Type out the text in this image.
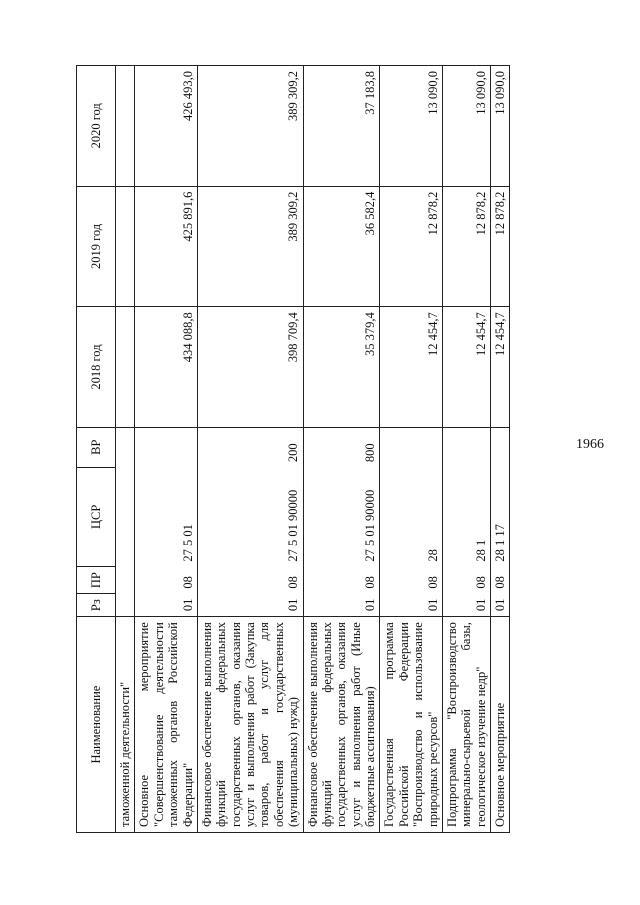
1966
Наименование	Рз	ПР	ЦСР	ВР	2018 год	2019 год	2020 год
таможенной деятельности"							
Основное мероприятие "Совершенствование деятельности таможенных органов Российской Федерации"	01	08	27 5 01		434 088,8	425 891,6	426 493,0
Финансовое обеспечение выполнения функций федеральных государственных органов, оказания услуг и выполнения работ (Закупка товаров, работ и услуг для обеспечения государственных (муниципальных) нужд)	01	08	27 5 01 90000	200	398 709,4	389 309,2	389 309,2
Финансовое обеспечение выполнения функций федеральных государственных органов, оказания услуг и выполнения работ (Иные бюджетные ассигнования)	01	08	27 5 01 90000	800	35 379,4	36 582,4	37 183,8
Государственная программа Российской Федерации "Воспроизводство и использование природных ресурсов"	01	08	28		12 454,7	12 878,2	13 090,0
Подпрограмма "Воспроизводство минерально-сырьевой базы, геологическое изучение недр"	01	08	28 1		12 454,7	12 878,2	13 090,0
Основное мероприятие	01	08	28 1 17		12 454,7	12 878,2	13 090,0
